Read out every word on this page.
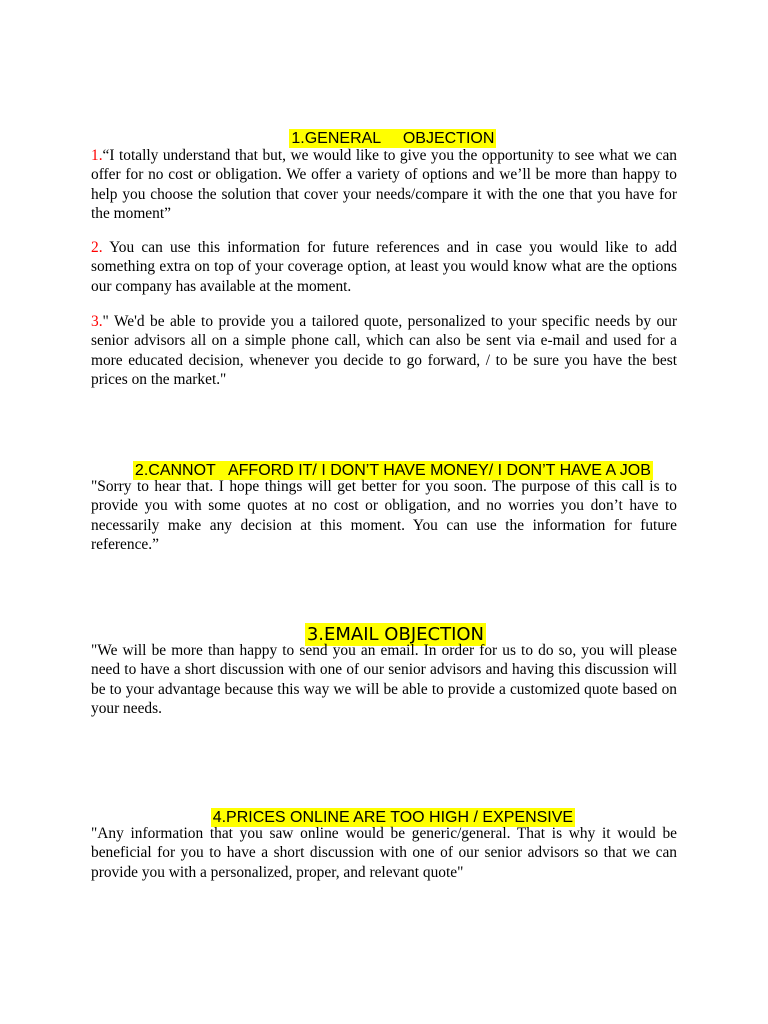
1.GENERAL     OBJECTION

1.“I totally understand that but, we would like to give you the opportunity to see what we can offer for no cost or obligation. We offer a variety of options and we’ll be more than happy to help you choose the solution that cover your needs/compare it with the one that you have for the moment”

2. You can use this information for future references and in case you would like to add something extra on top of your coverage option, at least you would know what are the options our company has available at the moment.

3." We'd be able to provide you a tailored quote, personalized to your specific needs by our senior advisors all on a simple phone call, which can also be sent via e-mail and used for a more educated decision, whenever you decide to go forward, / to be sure you have the best prices on the market."

2.CANNOT   AFFORD IT/ I DON’T HAVE MONEY/ I DON’T HAVE A JOB

"Sorry to hear that. I hope things will get better for you soon. The purpose of this call is to provide you with some quotes at no cost or obligation, and no worries you don’t have to necessarily make any decision at this moment. You can use the information for future reference.”

3.EMAIL OBJECTION

"We will be more than happy to send you an email. In order for us to do so, you will please need to have a short discussion with one of our senior advisors and having this discussion will be to your advantage because this way we will be able to provide a customized quote based on your needs.

4.PRICES ONLINE ARE TOO HIGH / EXPENSIVE

"Any information that you saw online would be generic/general. That is why it would be beneficial for you to have a short discussion with one of our senior advisors so that we can provide you with a personalized, proper, and relevant quote"
